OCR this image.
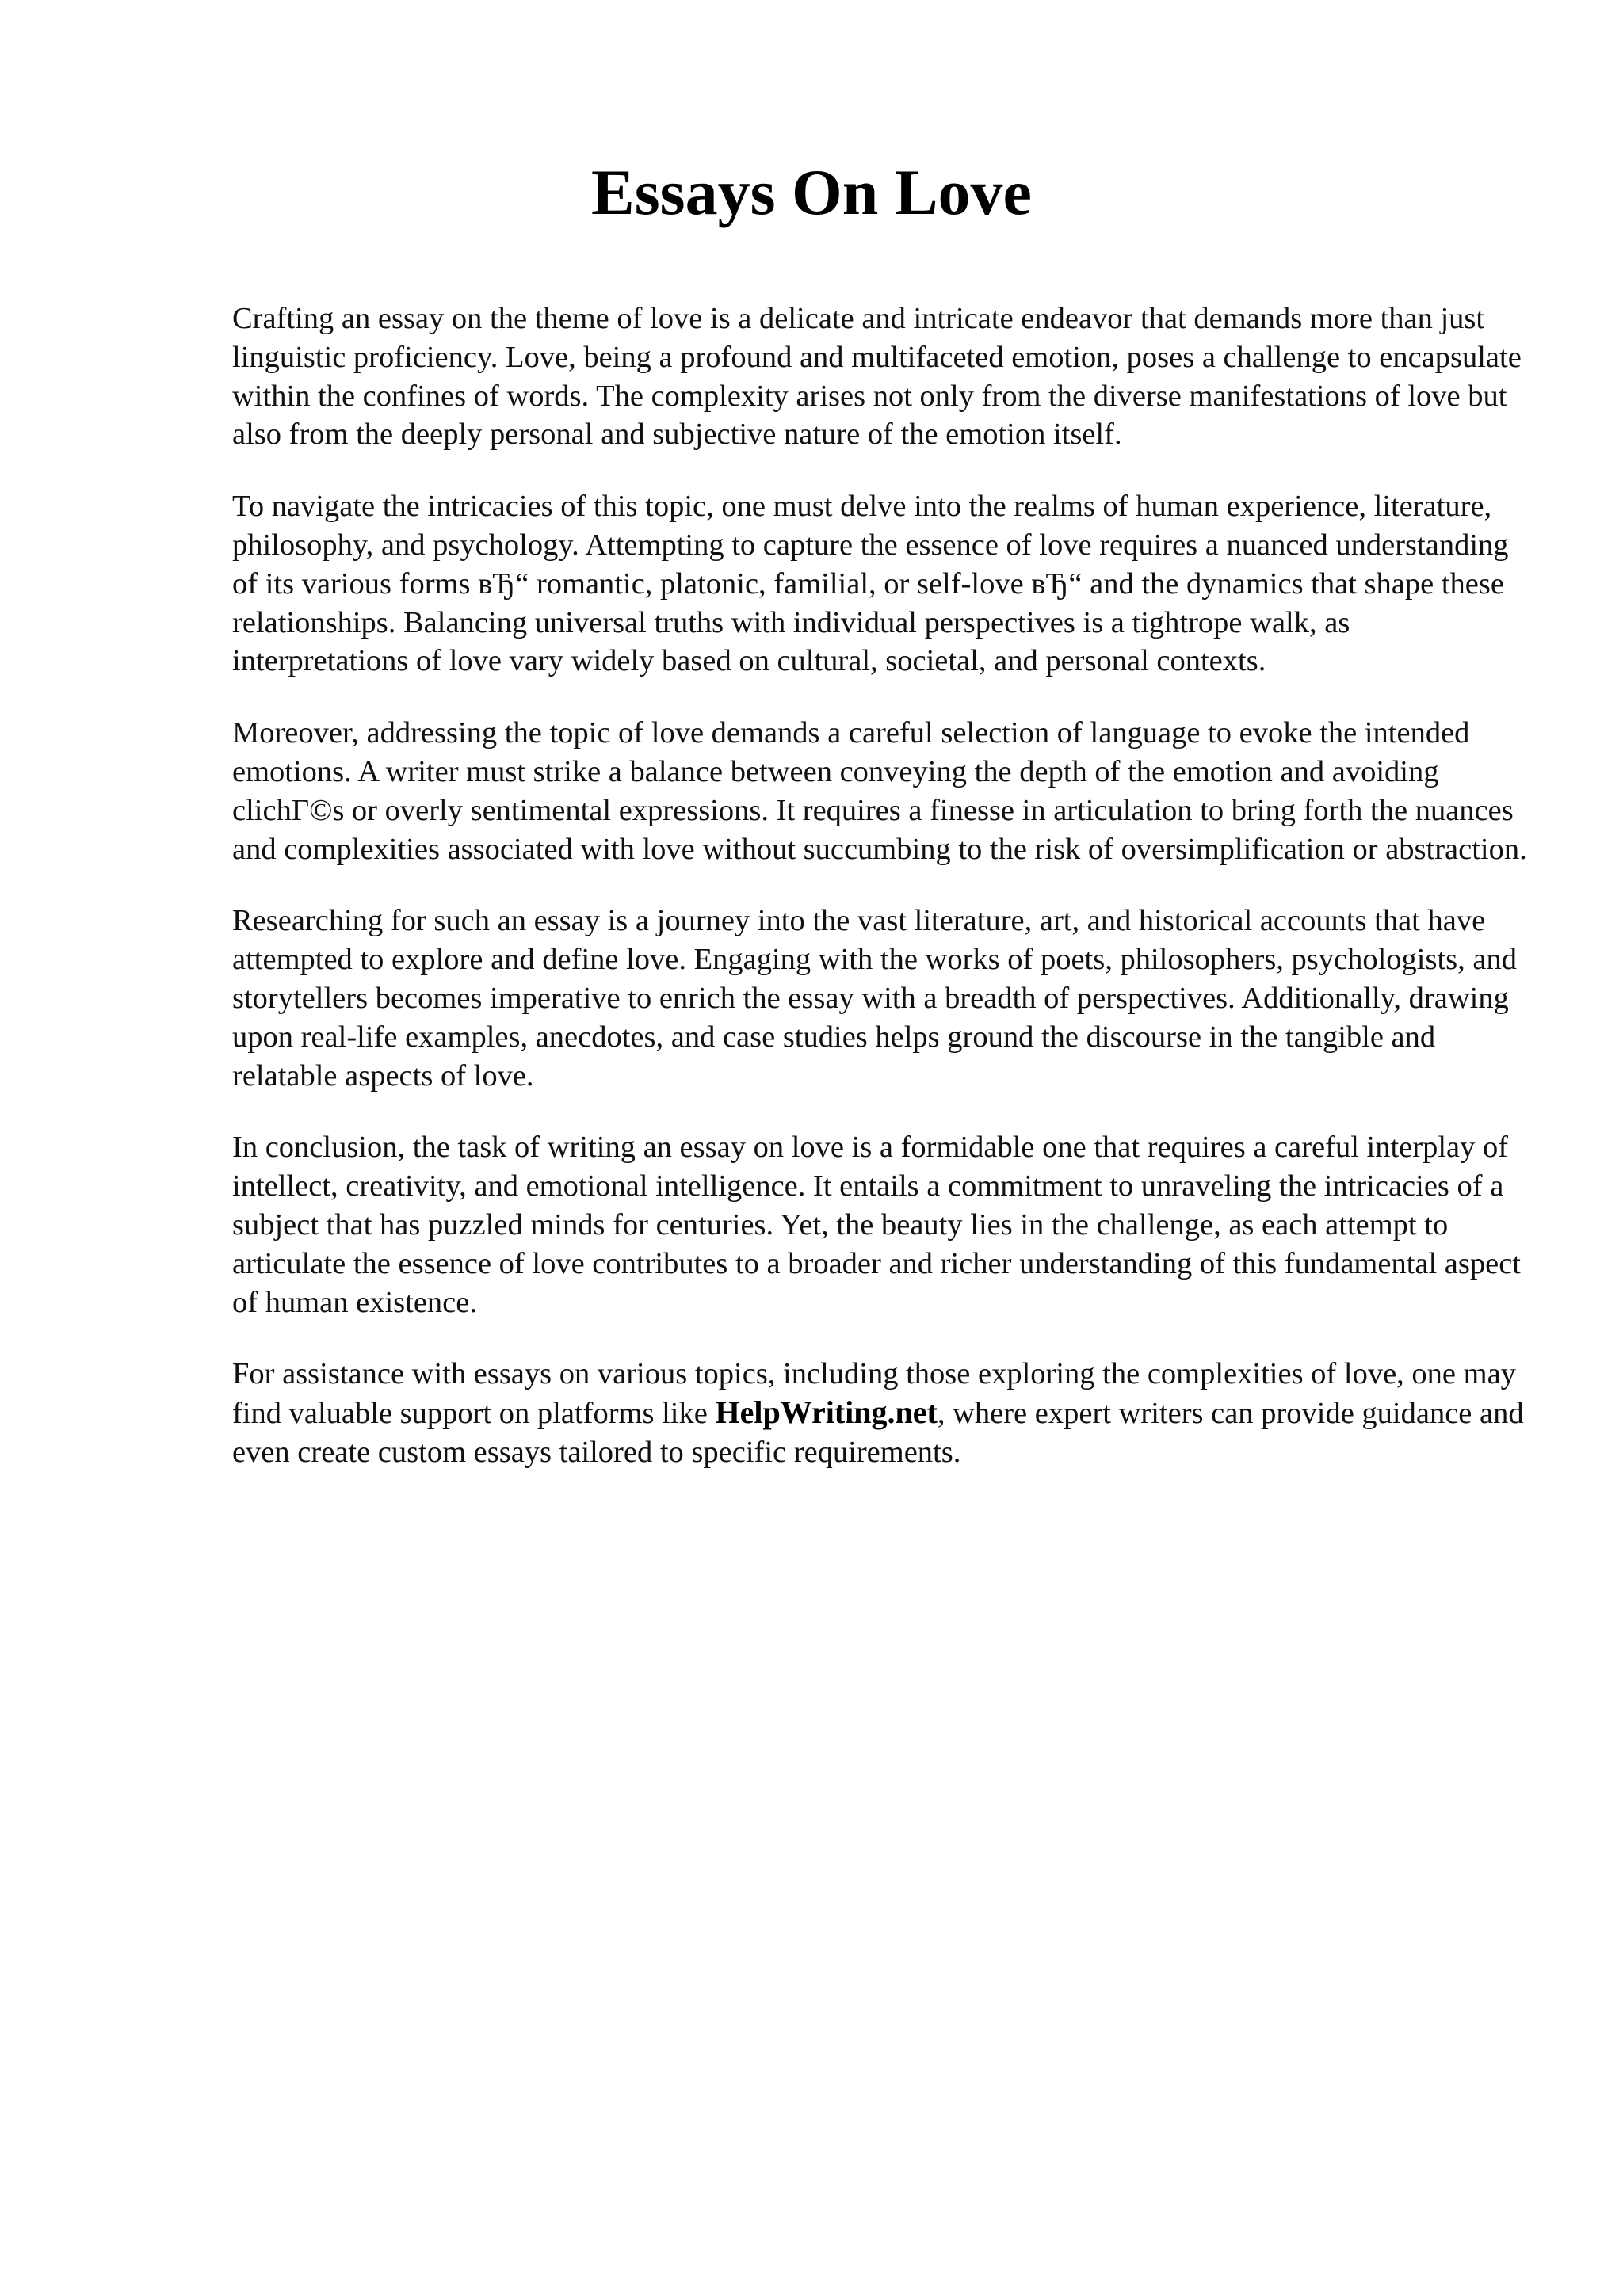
Essays On Love

Crafting an essay on the theme of love is a delicate and intricate endeavor that demands more than just linguistic proficiency. Love, being a profound and multifaceted emotion, poses a challenge to encapsulate within the confines of words. The complexity arises not only from the diverse manifestations of love but also from the deeply personal and subjective nature of the emotion itself.

To navigate the intricacies of this topic, one must delve into the realms of human experience, literature, philosophy, and psychology. Attempting to capture the essence of love requires a nuanced understanding of its various forms вЂ“ romantic, platonic, familial, or self-love вЂ“ and the dynamics that shape these relationships. Balancing universal truths with individual perspectives is a tightrope walk, as interpretations of love vary widely based on cultural, societal, and personal contexts.

Moreover, addressing the topic of love demands a careful selection of language to evoke the intended emotions. A writer must strike a balance between conveying the depth of the emotion and avoiding clichГ©s or overly sentimental expressions. It requires a finesse in articulation to bring forth the nuances and complexities associated with love without succumbing to the risk of oversimplification or abstraction.

Researching for such an essay is a journey into the vast literature, art, and historical accounts that have attempted to explore and define love. Engaging with the works of poets, philosophers, psychologists, and storytellers becomes imperative to enrich the essay with a breadth of perspectives. Additionally, drawing upon real-life examples, anecdotes, and case studies helps ground the discourse in the tangible and relatable aspects of love.

In conclusion, the task of writing an essay on love is a formidable one that requires a careful interplay of intellect, creativity, and emotional intelligence. It entails a commitment to unraveling the intricacies of a subject that has puzzled minds for centuries. Yet, the beauty lies in the challenge, as each attempt to articulate the essence of love contributes to a broader and richer understanding of this fundamental aspect of human existence.

For assistance with essays on various topics, including those exploring the complexities of love, one may find valuable support on platforms like HelpWriting.net, where expert writers can provide guidance and even create custom essays tailored to specific requirements.
